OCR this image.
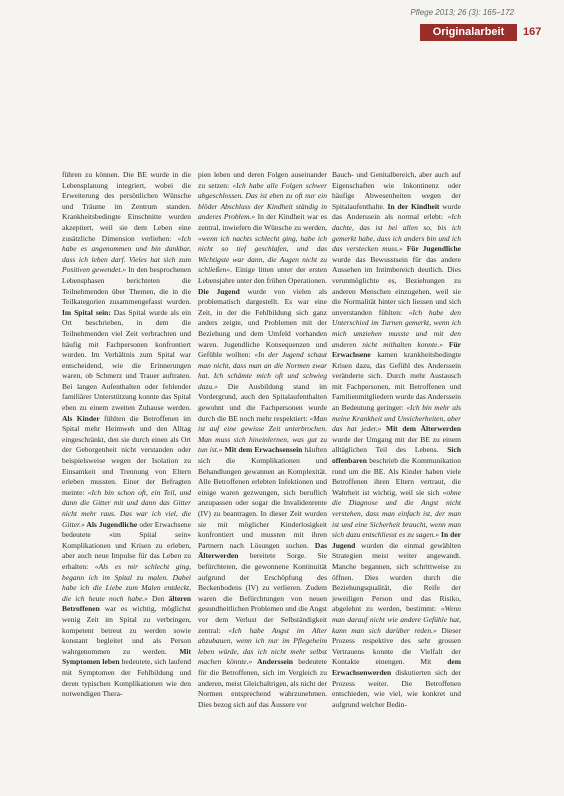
Pflege 2013; 26 (3): 165–172
Originalarbeit	167

führen zu können. Die BE wurde in die Lebensplanung integriert, wobei die Erweiterung des persönlichen Wünsche und Träume im Zentrum standen. Krankheitsbedingte Einschnitte wurden akzeptiert, weil sie dem Leben eine zusätzliche Dimension verliehen: «Ich habe es angenommen und bin dankbar, dass ich leben darf. Vieles hat sich zum Positiven gewendet.» In den besprochenen Lebensphasen berichteten die Teilnehmenden über Themen, die in die Teilkategorien zusammengefasst wurden. Im Spital sein: Das Spital wurde als ein Ort beschrieben, in dem die Teilnehmenden viel Zeit verbrachten und häufig mit Fachpersonen konfrontiert wurden. Im Verhältnis zum Spital war entscheidend, wie die Erinnerungen waren, ob Schmerz und Trauer auftraten. Bei langen Aufenthalten oder fehlender familiärer Unterstützung konnte das Spital eben zu einem zweiten Zuhause werden. Als Kinder fühlten die Betroffenen im Spital mehr Heimweh und den Alltag eingeschränkt, den sie durch einen als Ort der Geborgenheit nicht verstanden oder beispielsweise wegen der Isolation zu Einsamkeit und Trennung von Eltern erleben mussten. Einer der Befragten meinte: «Ich bin schon oft, ein Teil, und dann die Gitter mit und dann das Gitter nicht mehr raus. Das war ich viel, die Gitter.» Als Jugendliche oder Erwachsene bedeutete «im Spital sein» Komplikationen und Krisen zu erleben, aber auch neue Impulse für das Leben zu erhalten: «Als es mir schlecht ging, begann ich im Spital zu malen. Dabei habe ich die Liebe zum Malen entdeckt, die ich heute noch habe.» Den älteren Betroffenen war es wichtig, möglichst wenig Zeit im Spital zu verbringen, kompetent betreut zu werden sowie konstant begleitet und als Person wahrgenommen zu werden. Mit Symptomen leben bedeutete, sich laufend mit Symptomen der Fehlbildung und deren typischen Komplikationen wie den notwendigen Thera-

pien leben und deren Folgen auseinander zu setzen: «Ich habe alle Folgen schwer abgeschlossen. Das ist eben zu oft nur ein blöder Abschluss der Kindheit ständig in anderes Problem.» In der Kindheit war es zentral, inwiefern die Wünsche zu werden, «wenn ich nachts schlecht ging, habe ich nicht so tief geschlafen, und das Wichtigste war dann, die Augen nicht zu schließen». Einige litten unter der ersten Lebensjahre unter den frühen Operationen. Die Jugend wurde von vielen als problematisch dargestellt. Es war eine Zeit, in der die Fehlbildung sich ganz anders zeigte, und Problemen mit der Beziehung und dem Umfeld vorhanden waren. Jugendliche Konsequenzen und Gefühle wollten: «In der Jugend schaut man nicht, dass man an die Normen zwar hat. Ich schämte mich oft und schwieg dazu.» Die Ausbildung stand im Vordergrund, auch den Spitalaufenthalten gewohnt und die Fachpersonen wurde durch die BE noch mehr respektiert: «Man ist auf eine gewisse Zeit unterbrochen. Man muss sich hineinlernen, was gut zu tun ist.» Mit dem Erwachsensein häuften sich die Komplikationen und Behandlungen gewannen an Komplexität. Alle Betroffenen erlebten Infektionen und einige waren gezwungen, sich beruflich anzupassen oder sogar die Invalidenrente (IV) zu beantragen. In dieser Zeit wurden sie mit möglicher Kinderlosigkeit konfrontiert und mussten mit ihren Partnern nach Lösungen suchen. Das Älterwerden bereitete Sorge. Sie befürchteten, die gewonnene Kontinuität aufgrund der Erschöpfung des Beckenbodens (IV) zu verlieren. Zudem waren die Befürchtungen von neuen gesundheitlichen Problemen und die Angst vor dem Verlust der Selbständigkeit zentral: «Ich habe Angst im Alter abzubauen, wenn ich nur im Pflegeheim leben würde, das ich nicht mehr selbst machen könnte.» Anderssein bedeutete für die Betroffenen, sich im Vergleich zu anderen, meist Gleichaltrigen, als nicht der Normen entsprechend wahrzunehmen. Dies bezog sich auf das Äussere vor

Bauch- und Genitalbereich, aber auch auf Eigenschaften wie Inkontinenz oder häufige Abwesenheiten wegen der Spitalaufenthalte. In der Kindheit wurde das Anderssein als normal erlebt: «Ich dachte, das ist bei allen so, bis ich gemerkt habe, dass ich anders bin und ich das verstecken muss.» Für Jugendliche wurde das Bewusstsein für das andere Aussehen im Intimbereich deutlich. Dies verunmöglichte es, Beziehungen zu anderen Menschen einzugehen, weil sie die Normalität hinter sich liessen und sich unverstanden fühlten: «Ich habe den Unterschied im Turnen gemerkt, wenn ich mich umziehen musste und mit den anderen nicht mithalten konnte.» Für Erwachsene kamen krankheitsbedingte Krisen dazu, das Gefühl des Anderssein veränderte sich. Durch mehr Austausch mit Fachpersonen, mit Betroffenen und Familienmitgliedern wurde das Anderssein an Bedeutung geringer: «Ich bin mehr als meine Krankheit und Unsicherheiten, aber das hat jeder.» Mit dem Älterwerden wurde der Umgang mit der BE zu einem alltäglichen Teil des Lebens. Sich offenbaren beschrieb die Kommunikation rund um die BE. Als Kinder haben viele Betroffenen ihren Eltern vertraut, die Wahrheit ist wichtig, weil sie sich «ohne die Diagnose und die Angst nicht verstehen, dass man einfach ist, der man ist und eine Sicherheit braucht, wenn man sich dazu entschliesst es zu sagen.» In der Jugend wurden die einmal gewählten Strategien meist weiter angewandt. Manche begannen, sich schrittweise zu öffnen. Dies wurden durch die Beziehungsqualität, die Reife der jeweiligen Person und das Risiko, abgelehnt zu werden, bestimmt: «Wenn man darauf nicht wie andere Gefühle hat, kann man sich darüber reden.» Dieser Prozess respektive des sehr grossen Vertrauens konnte die Vielfalt der Kontakte einengen. Mit dem Erwachsenwerden diskutierten sich der Prozess weiter. Die Betroffenen entschieden, wie viel, wie konkret und aufgrund welcher Bedin-
